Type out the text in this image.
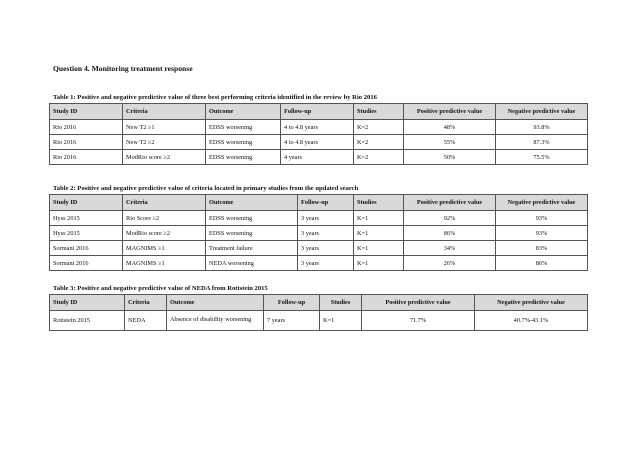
Question 4. Monitoring treatment response
Table 1: Positive and negative predictive value of three best performing criteria identified in the review by Rio 2016
Study ID	Criteria	Outcome	Follow-up	Studies	Positive predictive value	Negative predictive value
Rio 2016	New T2 ≥1	EDSS worsening	4 to 4.8 years	K=2	48%	93.8%
Rio 2016	New T2 ≥2	EDSS worsening	4 to 4.8 years	K=2	55%	87.3%
Rio 2016	ModRio score ≥2	EDSS worsening	4 years	K=2	50%	75.5%
Table 2: Positive and negative predictive value of criteria located in primary studies from the updated search
Study ID	Criteria	Outcome	Follow-up	Studies	Positive predictive value	Negative predictive value
Hyss 2015	Rio Score ≥2	EDSS worsening	3 years	K=1	92%	93%
Hyss 2015	ModRio score ≥2	EDSS worsening	3 years	K=1	86%	93%
Sormani 2016	MAGNIMS ≥1	Treatment failure	3 years	K=1	34%	83%
Sormani 2016	MAGNIMS ≥1	NEDA worsening	3 years	K=1	26%	86%
Table 3: Positive and negative predictive value of NEDA from Rottstein 2015
Study ID	Criteria	Outcome	Follow-up	Studies	Positive predictive value	Negative predictive value
Rottstein 2015	NEDA	Absence of disability worsening	7 years	K=1	71.7%	40.7%-43.1%
